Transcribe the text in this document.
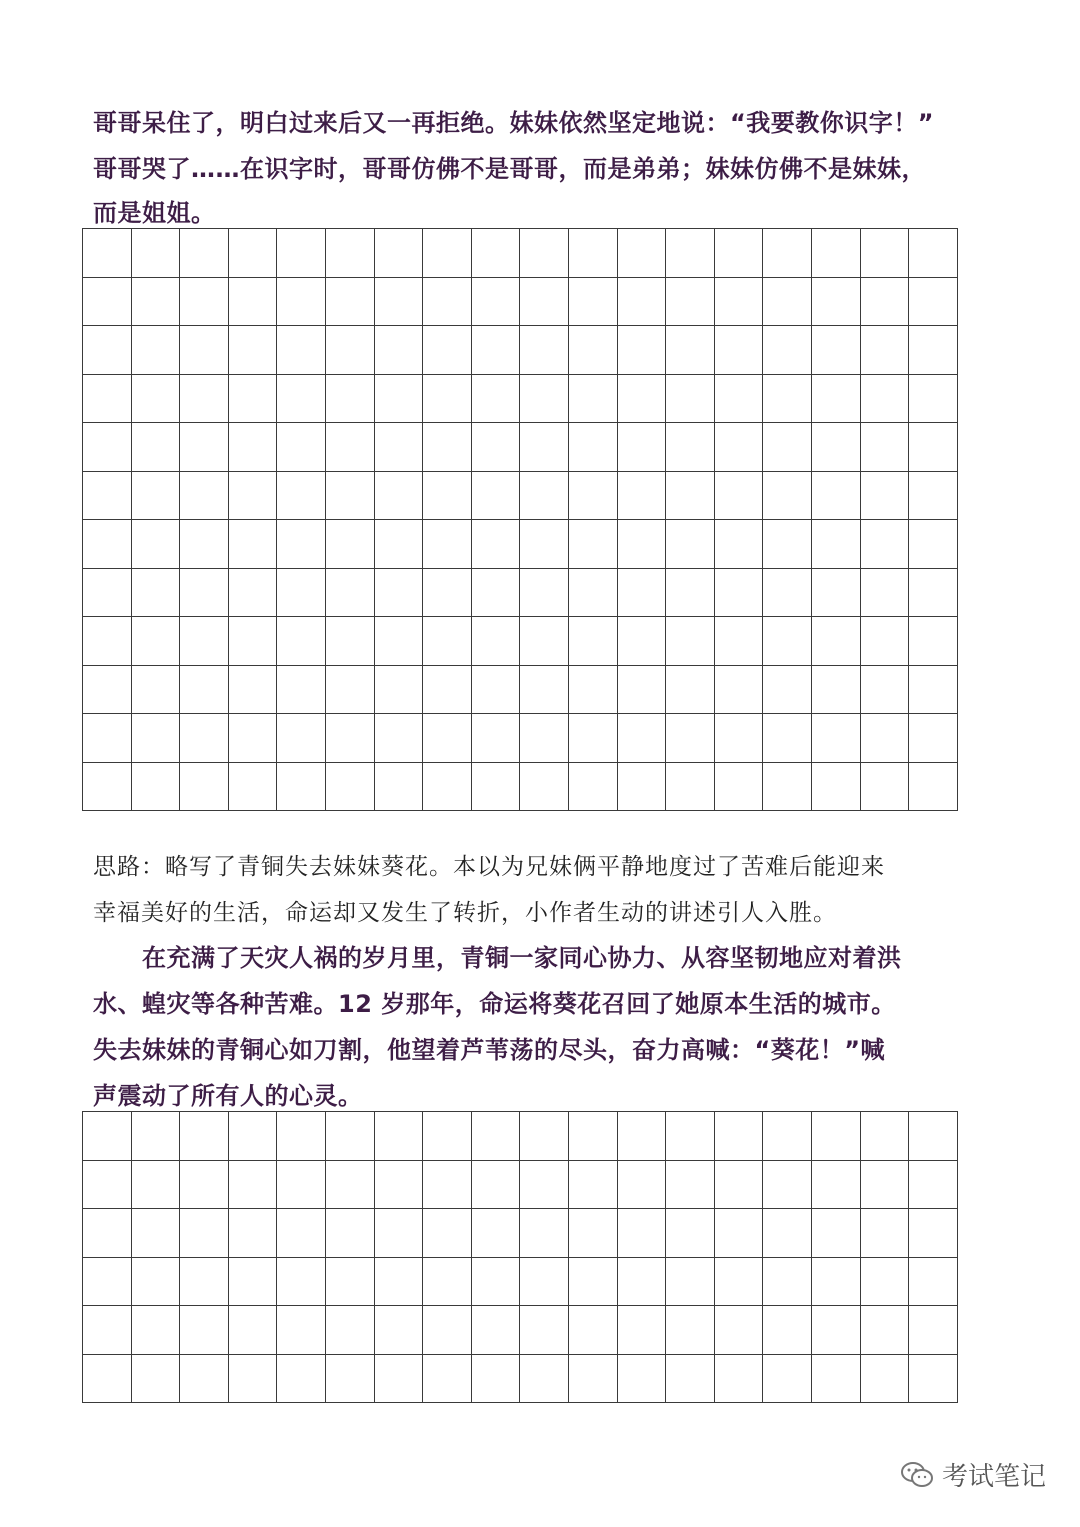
哥哥呆住了，明白过来后又一再拒绝。妹妹依然坚定地说：“我要教你识字！”

哥哥哭了……在识字时，哥哥仿佛不是哥哥，而是弟弟；妹妹仿佛不是妹妹，

而是姐姐。

思路：略写了青铜失去妹妹葵花。本以为兄妹俩平静地度过了苦难后能迎来

幸福美好的生活，命运却又发生了转折，小作者生动的讲述引人入胜。

　　在充满了天灾人祸的岁月里，青铜一家同心协力、从容坚韧地应对着洪

水、蝗灾等各种苦难。12 岁那年，命运将葵花召回了她原本生活的城市。

失去妹妹的青铜心如刀割，他望着芦苇荡的尽头，奋力高喊：“葵花！”喊

声震动了所有人的心灵。

考试笔记
